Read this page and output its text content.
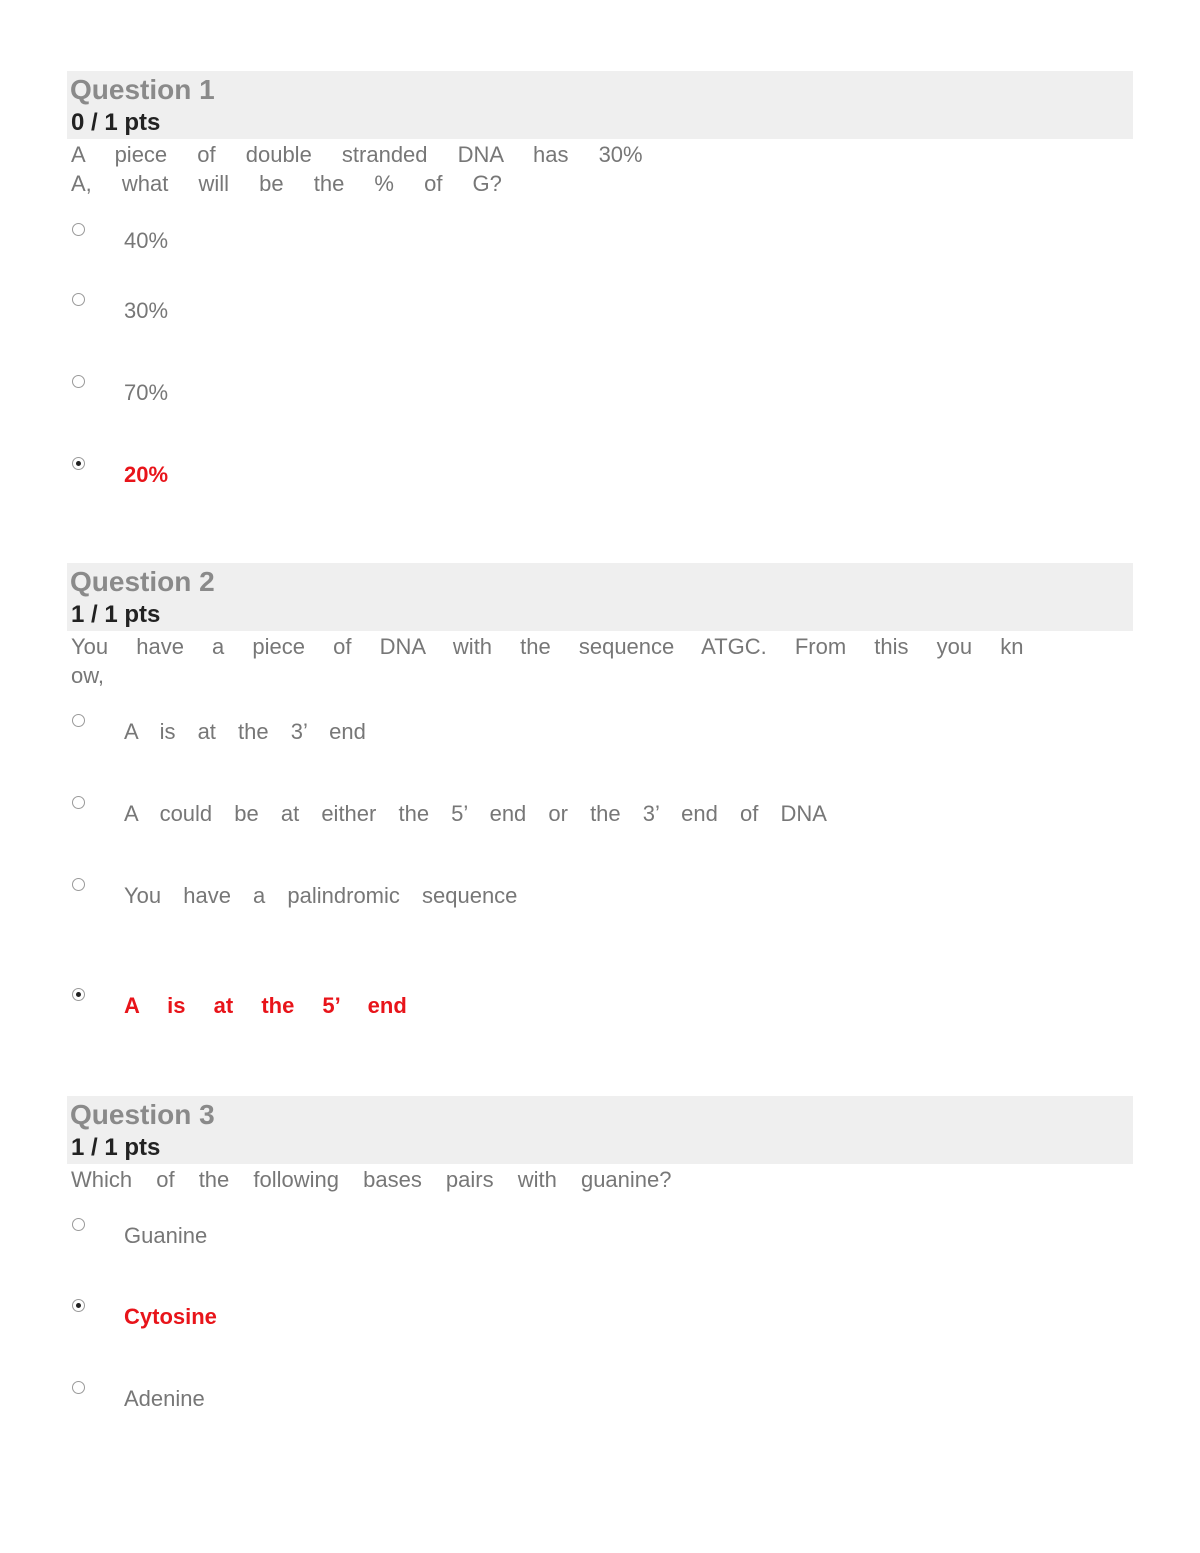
Question 1
0 / 1 pts
A piece of double stranded DNA has 30%
A, what will be the % of G?
40%
30%
70%
20%
Question 2
1 / 1 pts
You have a piece of DNA with the sequence ATGC. From this you kn
ow,
A is at the 3’ end
A could be at either the 5’ end or the 3’ end of DNA
You have a palindromic sequence
A is at the 5’ end
Question 3
1 / 1 pts
Which of the following bases pairs with guanine?
Guanine
Cytosine
Adenine
